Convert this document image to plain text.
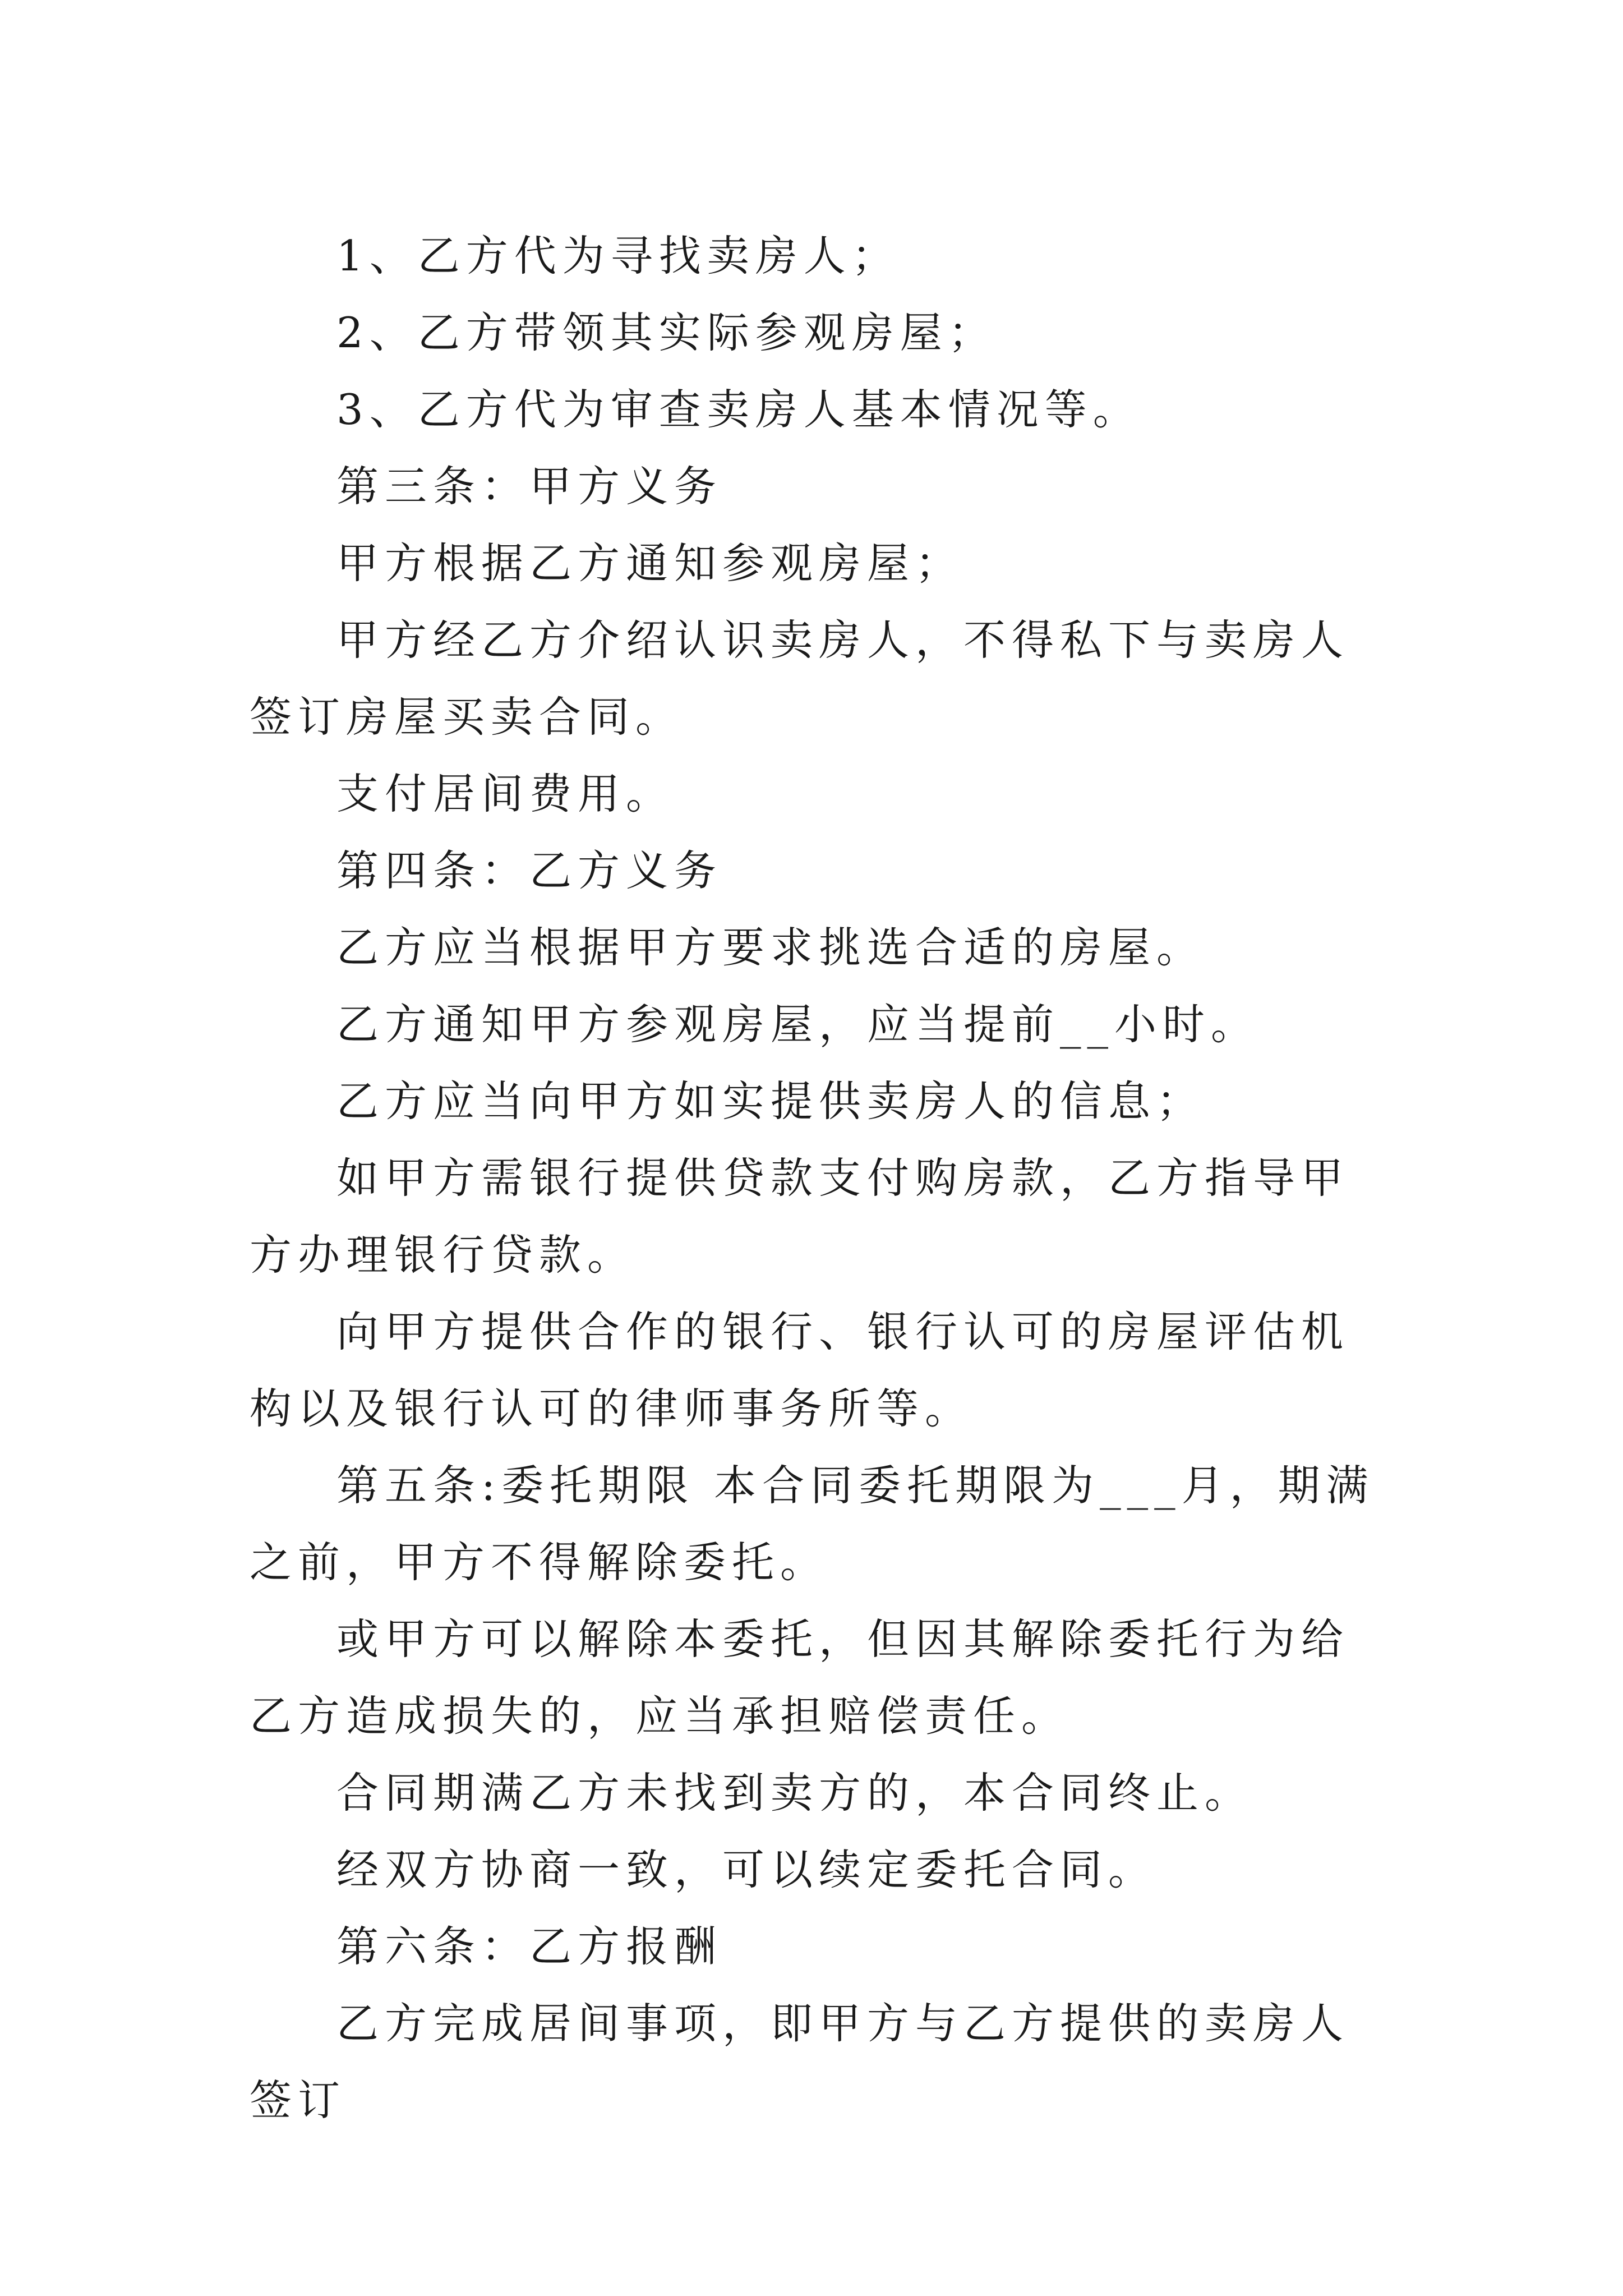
1、乙方代为寻找卖房人；

2、乙方带领其实际参观房屋；

3、乙方代为审查卖房人基本情况等。

第三条：甲方义务

甲方根据乙方通知参观房屋；

甲方经乙方介绍认识卖房人，不得私下与卖房人签订房屋买卖合同。

支付居间费用。

第四条：乙方义务

乙方应当根据甲方要求挑选合适的房屋。

乙方通知甲方参观房屋，应当提前__小时。

乙方应当向甲方如实提供卖房人的信息；

如甲方需银行提供贷款支付购房款，乙方指导甲方办理银行贷款。

向甲方提供合作的银行、银行认可的房屋评估机构以及银行认可的律师事务所等。

第五条:委托期限 本合同委托期限为___月，期满之前，甲方不得解除委托。

或甲方可以解除本委托，但因其解除委托行为给乙方造成损失的，应当承担赔偿责任。

合同期满乙方未找到卖方的，本合同终止。

经双方协商一致，可以续定委托合同。

第六条：乙方报酬

乙方完成居间事项，即甲方与乙方提供的卖房人签订
